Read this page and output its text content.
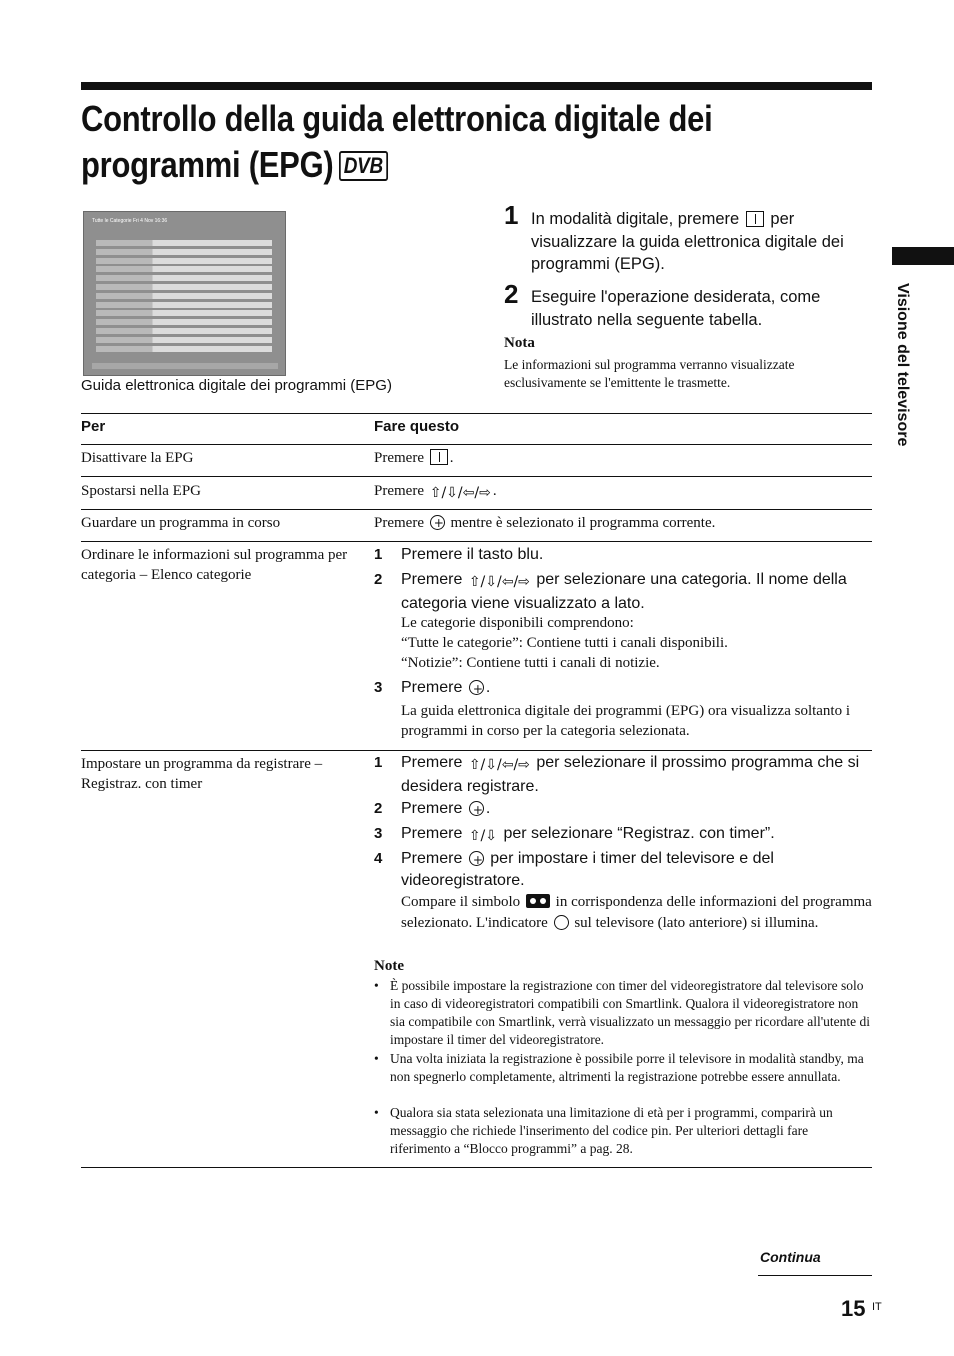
Controllo della guida elettronica digitale dei
programmi (EPG) DVB
Visione del televisore
Tutte le Categorie Fri 4 Nov 16:36
Guida elettronica digitale dei programmi (EPG)
1 In modalità digitale, premere per visualizzare la guida elettronica digitale dei programmi (EPG).
2 Eseguire l'operazione desiderata, come illustrato nella seguente tabella.
Nota
Le informazioni sul programma verranno visualizzate esclusivamente se l'emittente le trasmette.
Per	Fare questo
Disattivare la EPG	Premere .
Spostarsi nella EPG	Premere ⇧/⇩/⇦/⇨ .
Guardare un programma in corso	Premere + mentre è selezionato il programma corrente.
Ordinare le informazioni sul programma per categoria – Elenco categorie
1 Premere il tasto blu.
2 Premere ⇧/⇩/⇦/⇨ per selezionare una categoria. Il nome della categoria viene visualizzato a lato.
Le categorie disponibili comprendono:
“Tutte le categorie”: Contiene tutti i canali disponibili.
“Notizie”: Contiene tutti i canali di notizie.
3 Premere + .
La guida elettronica digitale dei programmi (EPG) ora visualizza soltanto i programmi in corso per la categoria selezionata.
Impostare un programma da registrare – Registraz. con timer
1 Premere ⇧/⇩/⇦/⇨ per selezionare il prossimo programma che si desidera registrare.
2 Premere + .
3 Premere ⇧/⇩ per selezionare “Registraz. con timer”.
4 Premere + per impostare i timer del televisore e del videoregistratore.
Compare il simbolo in corrispondenza delle informazioni del programma selezionato. L'indicatore sul televisore (lato anteriore) si illumina.
Note
• È possibile impostare la registrazione con timer del videoregistratore dal televisore solo in caso di videoregistratori compatibili con Smartlink. Qualora il videoregistratore non sia compatibile con Smartlink, verrà visualizzato un messaggio per ricordare all'utente di impostare il timer del videoregistratore.
• Una volta iniziata la registrazione è possibile porre il televisore in modalità standby, ma non spegnerlo completamente, altrimenti la registrazione potrebbe essere annullata.
• Qualora sia stata selezionata una limitazione di età per i programmi, comparirà un messaggio che richiede l'inserimento del codice pin. Per ulteriori dettagli fare riferimento a “Blocco programmi” a pag. 28.
Continua
15 IT
